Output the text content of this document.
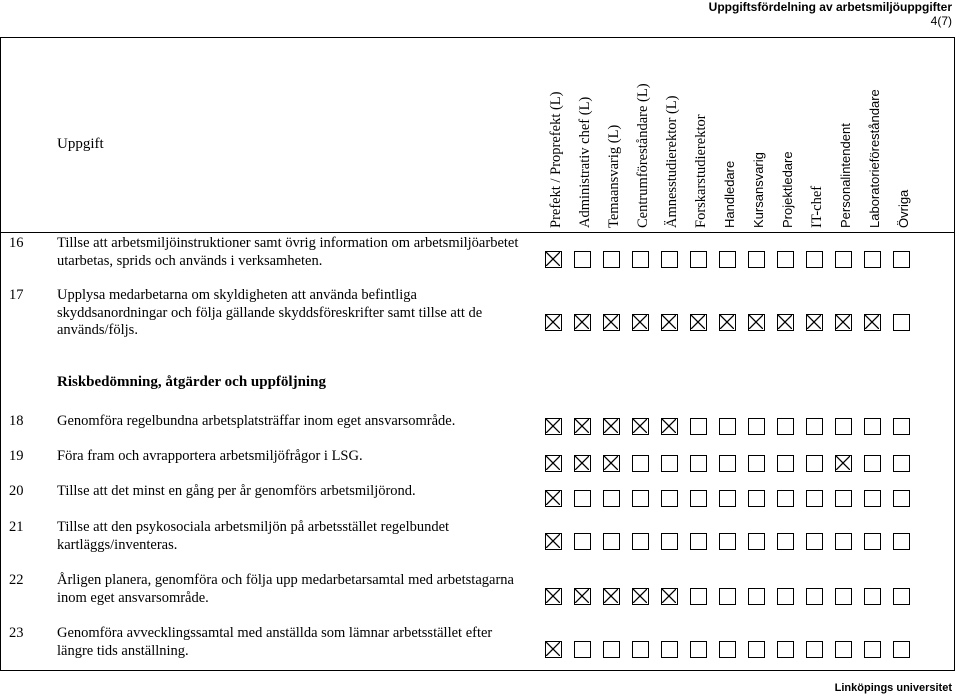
Uppgiftsfördelning av arbetsmiljöuppgifter
4(7)
Uppgift	Prefekt / Proprefekt (L) Administrativ chef (L) Temaansvarig (L) Centrumföreståndare (L) Ämnesstudierektor (L) Forskarstudierektor Handledare Kursansvarig Projektledare IT-chef Personalintendent Laboratorieföreståndare Övriga
Riskbedömning, åtgärder och uppföljning
16 Tillse att arbetsmiljöinstruktioner samt övrig information om arbetsmiljöarbetet utarbetas, sprids och används i verksamheten.
17 Upplysa medarbetarna om skyldigheten att använda befintliga skyddsanordningar och följa gällande skyddsföreskrifter samt tillse att de används/följs.
18 Genomföra regelbundna arbetsplatsträffar inom eget ansvarsområde.
19 Föra fram och avrapportera arbetsmiljöfrågor i LSG.
20 Tillse att det minst en gång per år genomförs arbetsmiljörond.
21 Tillse att den psykosociala arbetsmiljön på arbetsstället regelbundet kartläggs/inventeras.
22 Årligen planera, genomföra och följa upp medarbetarsamtal med arbetstagarna inom eget ansvarsområde.
23 Genomföra avvecklingssamtal med anställda som lämnar arbetsstället efter längre tids anställning.
Linköpings universitet
